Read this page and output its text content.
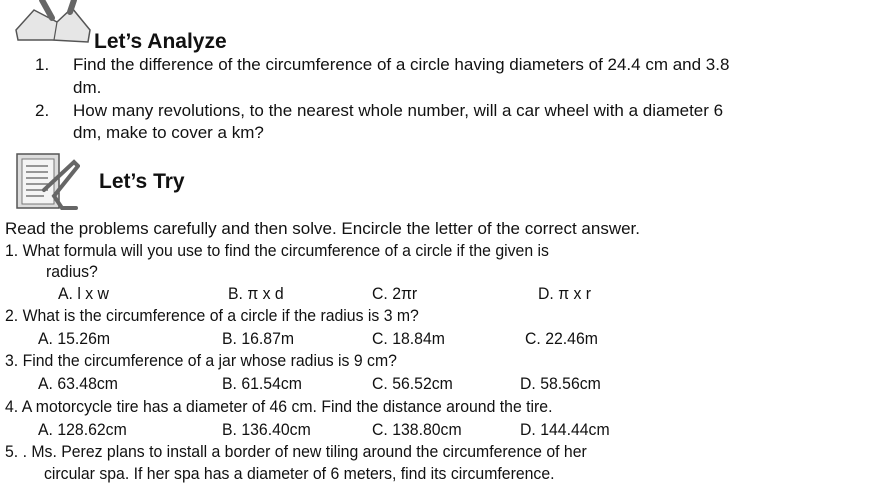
Let’s Analyze
1. Find the difference of the circumference of a circle having diameters of 24.4 cm and 3.8
dm.
2. How many revolutions, to the nearest whole number, will a car wheel with a diameter 6
dm, make to cover a km?
Let’s Try
Read the problems carefully and then solve. Encircle the letter of the correct answer.
1. What formula will you use to find the circumference of a circle if the given is
radius?
A. l x w	B. π x d	C. 2πr	D. π x r
2. What is the circumference of a circle if the radius is 3 m?
A. 15.26m	B. 16.87m	C. 18.84m	C. 22.46m
3. Find the circumference of a jar whose radius is 9 cm?
A. 63.48cm	B. 61.54cm	C. 56.52cm	D. 58.56cm
4. A motorcycle tire has a diameter of 46 cm. Find the distance around the tire.
A. 128.62cm	B. 136.40cm	C. 138.80cm	D. 144.44cm
5. . Ms. Perez plans to install a border of new tiling around the circumference of her
circular spa. If her spa has a diameter of 6 meters, find its circumference.
